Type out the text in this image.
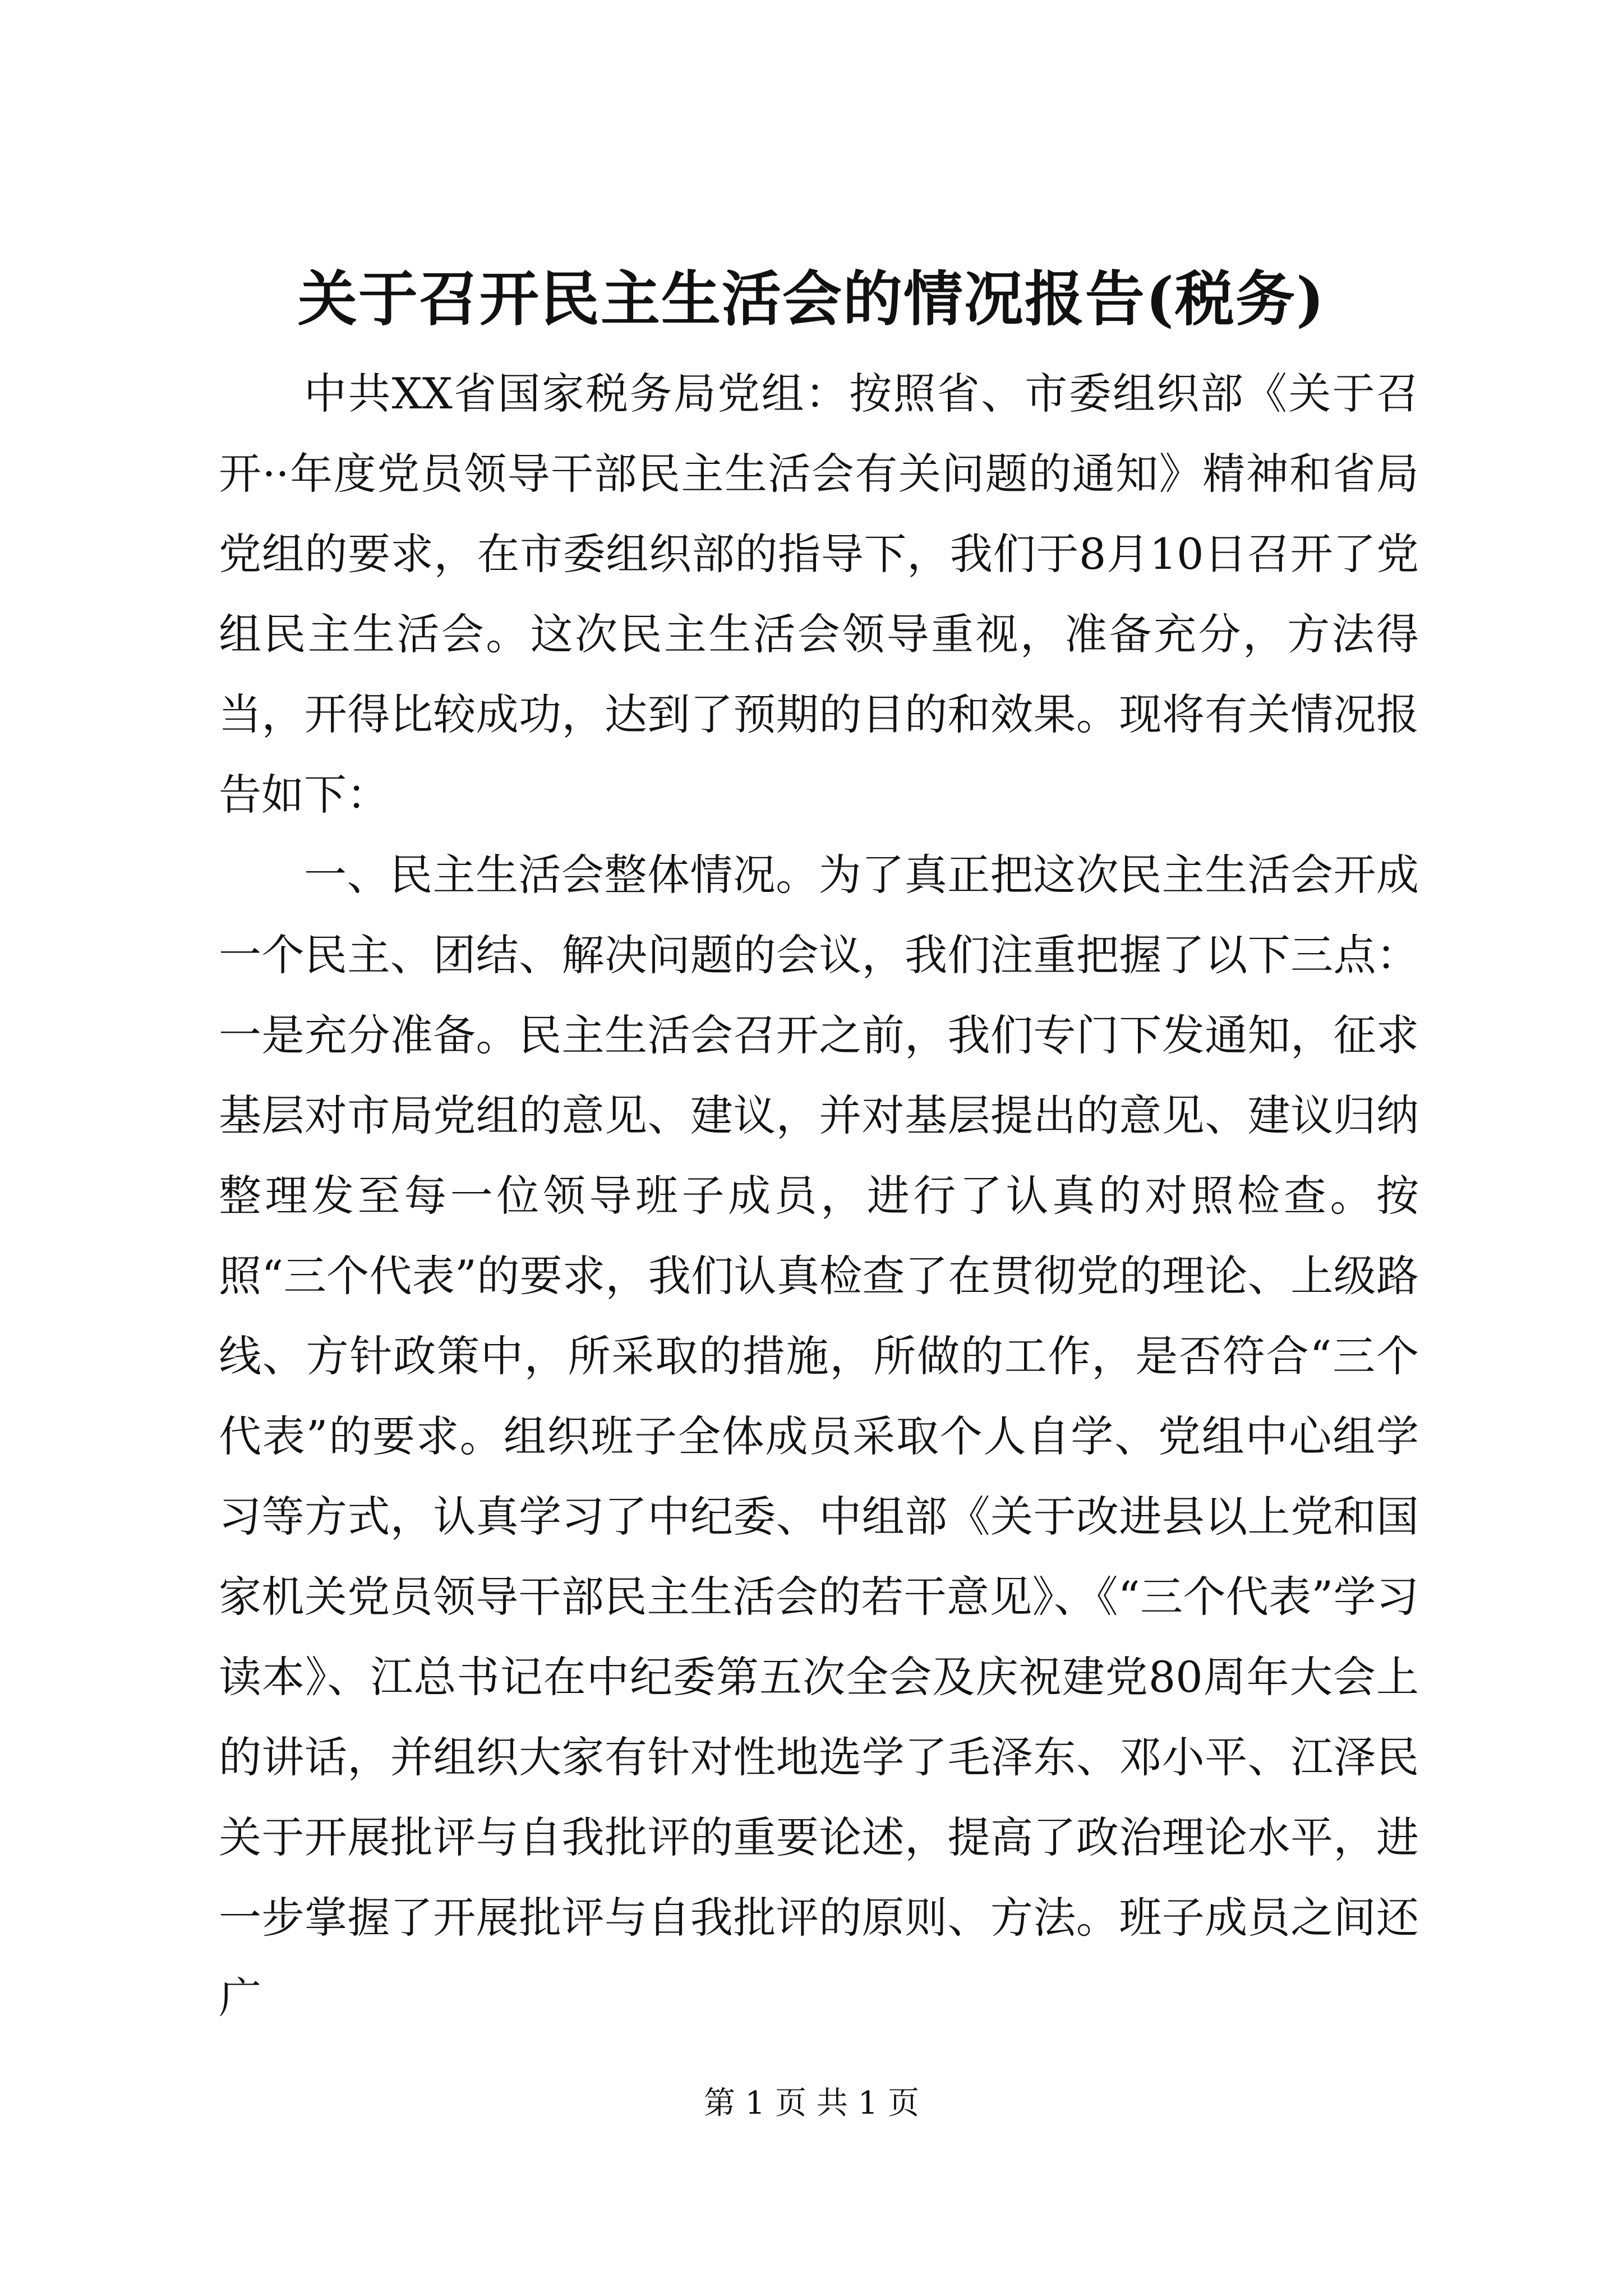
关于召开民主生活会的情况报告(税务)

中共XX省国家税务局党组：按照省、市委组织部《关于召开··年度党员领导干部民主生活会有关问题的通知》精神和省局党组的要求，在市委组织部的指导下，我们于8月10日召开了党组民主生活会。这次民主生活会领导重视，准备充分，方法得当，开得比较成功，达到了预期的目的和效果。现将有关情况报告如下：

一、民主生活会整体情况。为了真正把这次民主生活会开成一个民主、团结、解决问题的会议，我们注重把握了以下三点：一是充分准备。民主生活会召开之前，我们专门下发通知，征求基层对市局党组的意见、建议，并对基层提出的意见、建议归纳整理发至每一位领导班子成员，进行了认真的对照检查。按照“三个代表”的要求，我们认真检查了在贯彻党的理论、上级路线、方针政策中，所采取的措施，所做的工作，是否符合“三个代表”的要求。组织班子全体成员采取个人自学、党组中心组学习等方式，认真学习了中纪委、中组部《关于改进县以上党和国家机关党员领导干部民主生活会的若干意见》、《“三个代表”学习读本》、江总书记在中纪委第五次全会及庆祝建党80周年大会上的讲话，并组织大家有针对性地选学了毛泽东、邓小平、江泽民关于开展批评与自我批评的重要论述，提高了政治理论水平，进一步掌握了开展批评与自我批评的原则、方法。班子成员之间还广

第 1 页 共 1 页
